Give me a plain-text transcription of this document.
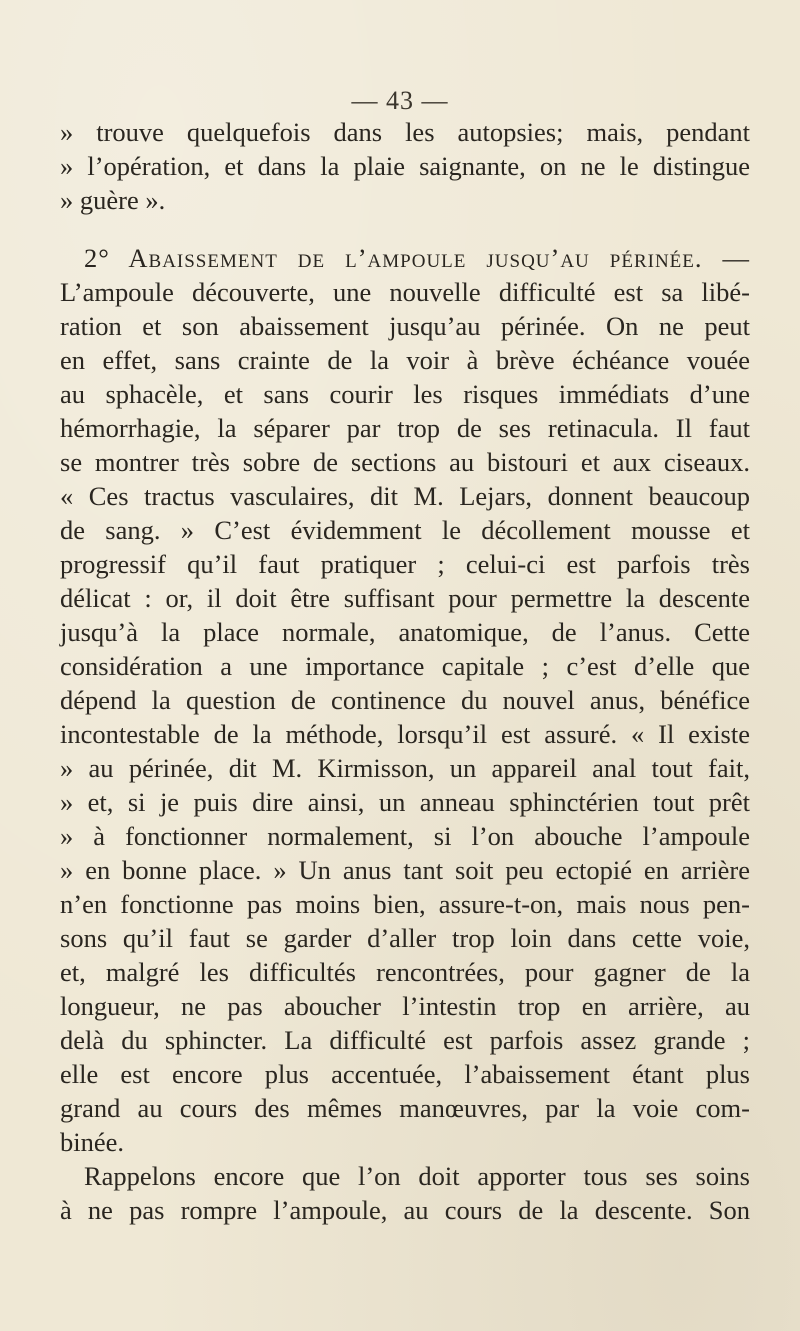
— 43 —
» trouve quelquefois dans les autopsies; mais, pendant
» l’opération, et dans la plaie saignante, on ne le distingue
» guère ».
2° Abaissement de l’ampoule jusqu’au périnée. —
L’ampoule découverte, une nouvelle difficulté est sa libé-
ration et son abaissement jusqu’au périnée. On ne peut
en effet, sans crainte de la voir à brève échéance vouée
au sphacèle, et sans courir les risques immédiats d’une
hémorrhagie, la séparer par trop de ses retinacula. Il faut
se montrer très sobre de sections au bistouri et aux ciseaux.
« Ces tractus vasculaires, dit M. Lejars, donnent beaucoup
de sang. » C’est évidemment le décollement mousse et
progressif qu’il faut pratiquer ; celui-ci est parfois très
délicat : or, il doit être suffisant pour permettre la descente
jusqu’à la place normale, anatomique, de l’anus. Cette
considération a une importance capitale ; c’est d’elle que
dépend la question de continence du nouvel anus, bénéfice
incontestable de la méthode, lorsqu’il est assuré. « Il existe
» au périnée, dit M. Kirmisson, un appareil anal tout fait,
» et, si je puis dire ainsi, un anneau sphinctérien tout prêt
» à fonctionner normalement, si l’on abouche l’ampoule
» en bonne place. » Un anus tant soit peu ectopié en arrière
n’en fonctionne pas moins bien, assure-t-on, mais nous pen-
sons qu’il faut se garder d’aller trop loin dans cette voie,
et, malgré les difficultés rencontrées, pour gagner de la
longueur, ne pas aboucher l’intestin trop en arrière, au
delà du sphincter. La difficulté est parfois assez grande ;
elle est encore plus accentuée, l’abaissement étant plus
grand au cours des mêmes manœuvres, par la voie com-
binée.
Rappelons encore que l’on doit apporter tous ses soins
à ne pas rompre l’ampoule, au cours de la descente. Son
